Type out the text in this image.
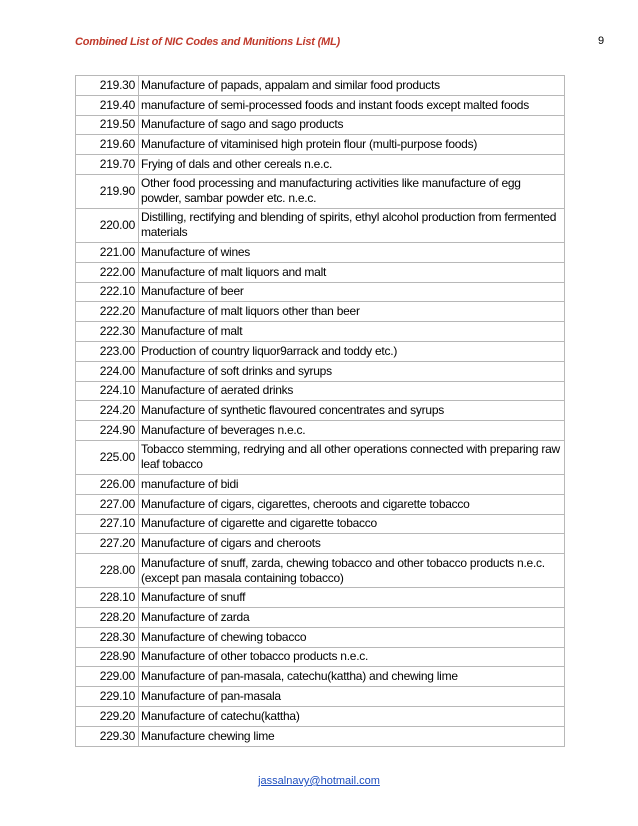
Combined List of NIC Codes and Munitions List (ML)	9
219.30	Manufacture of papads, appalam and similar food products
219.40	manufacture of semi-processed foods and instant foods except malted foods
219.50	Manufacture of sago and sago products
219.60	Manufacture of vitaminised high protein flour (multi-purpose foods)
219.70	Frying of dals and other cereals n.e.c.
219.90	Other food processing and manufacturing activities like manufacture of egg powder, sambar powder etc. n.e.c.
220.00	Distilling, rectifying and blending of spirits, ethyl alcohol production from fermented materials
221.00	Manufacture of wines
222.00	Manufacture of malt liquors and malt
222.10	Manufacture of beer
222.20	Manufacture of malt liquors other than beer
222.30	Manufacture of malt
223.00	Production of country liquor9arrack and toddy etc.)
224.00	Manufacture of soft drinks and syrups
224.10	Manufacture of aerated drinks
224.20	Manufacture of synthetic flavoured concentrates and syrups
224.90	Manufacture of beverages n.e.c.
225.00	Tobacco stemming, redrying and all other operations connected with preparing raw leaf tobacco
226.00	manufacture of bidi
227.00	Manufacture of cigars, cigarettes, cheroots and cigarette tobacco
227.10	Manufacture of cigarette and cigarette tobacco
227.20	Manufacture of cigars and cheroots
228.00	Manufacture of snuff, zarda, chewing tobacco and other tobacco products n.e.c. (except pan masala containing tobacco)
228.10	Manufacture of snuff
228.20	Manufacture of zarda
228.30	Manufacture of chewing tobacco
228.90	Manufacture of other tobacco products n.e.c.
229.00	Manufacture of pan-masala, catechu(kattha) and chewing lime
229.10	Manufacture of pan-masala
229.20	Manufacture of catechu(kattha)
229.30	Manufacture chewing lime
jassalnavy@hotmail.com
